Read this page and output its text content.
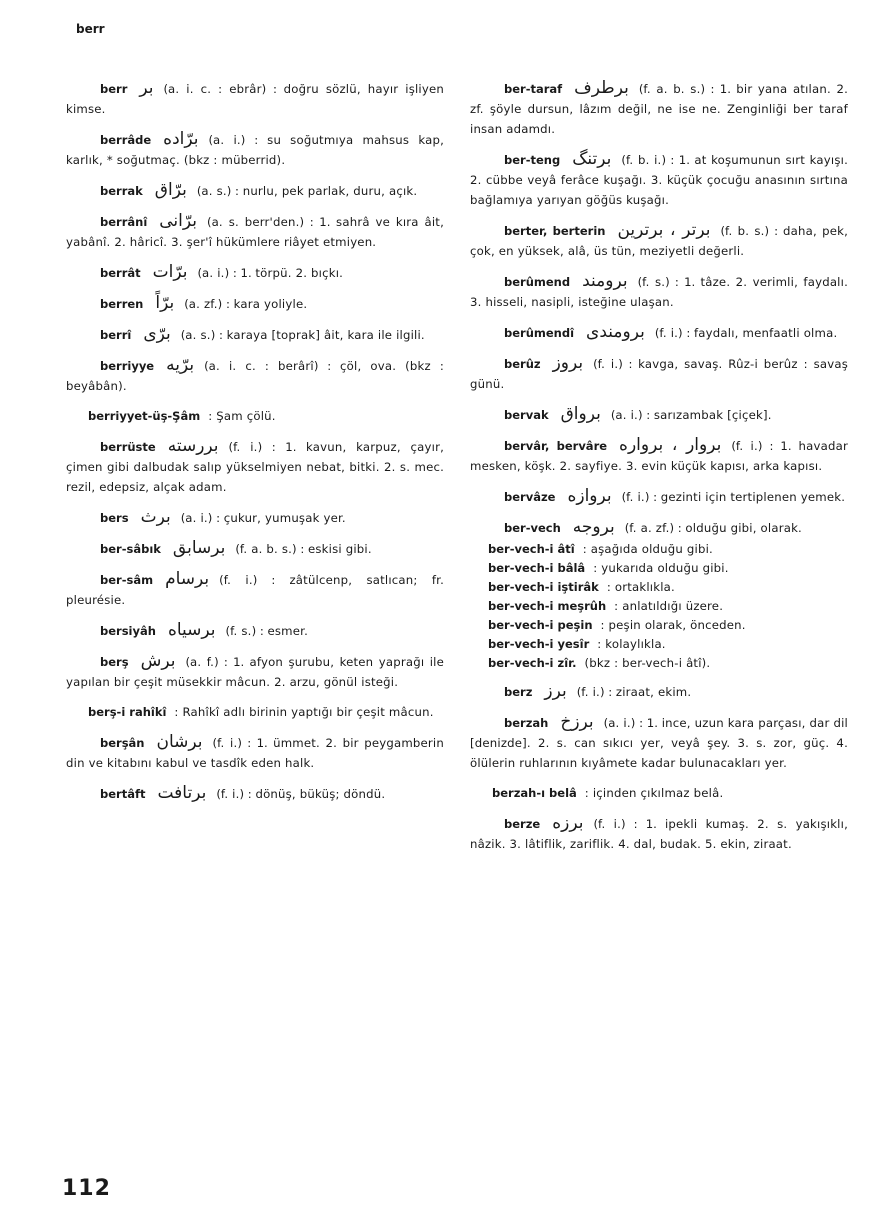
berr
berr بر (a. i. c. : ebrâr) : doğru sözlü, hayır işliyen kimse.
berrâde برّاده (a. i.) : su soğutmıya mahsus kap, karlık, * soğutmaç. (bkz : müberrid).
berrak برّاق (a. s.) : nurlu, pek parlak, duru, açık.
berrânî برّانى (a. s. berr'den.) : 1. sahrâ ve kıra âit, yabânî. 2. hâricî. 3. şer'î hükümlere riâyet etmiyen.
berrât برّات (a. i.) : 1. törpü. 2. bıçkı.
berren برّاً (a. zf.) : kara yoliyle.
berrî برّى (a. s.) : karaya [toprak] âit, kara ile ilgili.
berriyye برّيه (a. i. c. : berârî) : çöl, ova. (bkz : beyâbân).
berriyyet-üş-Şâm : Şam çölü.
berrüste بررسته (f. i.) : 1. kavun, karpuz, çayır, çimen gibi dalbudak salıp yükselmiyen nebat, bitki. 2. s. mec. rezil, edepsiz, alçak adam.
bers برث (a. i.) : çukur, yumuşak yer.
ber-sâbık برسابق (f. a. b. s.) : eskisi gibi.
ber-sâm برسام (f. i.) : zâtülcenp, satlıcan; fr. pleurésie.
bersiyâh برسیاه (f. s.) : esmer.
berş برش (a. f.) : 1. afyon şurubu, keten yaprağı ile yapılan bir çeşit müsekkir mâcun. 2. arzu, gönül isteği.
berş-i rahîkî : Rahîkî adlı birinin yaptığı bir çeşit mâcun.
berşân برشان (f. i.) : 1. ümmet. 2. bir peygamberin din ve kitabını kabul ve tasdîk eden halk.
bertâft برتافت (f. i.) : dönüş, büküş; döndü.
ber-taraf برطرف (f. a. b. s.) : 1. bir yana atılan. 2. zf. şöyle dursun, lâzım değil, ne ise ne. Zenginliği ber taraf insan adamdı.
ber-teng برتنگ (f. b. i.) : 1. at koşumunun sırt kayışı. 2. cübbe veyâ ferâce kuşağı. 3. küçük çocuğu anasının sırtına bağlamıya yarıyan göğüs kuşağı.
berter, berterin برتر ، برترين (f. b. s.) : daha, pek, çok, en yüksek, alâ, üs tün, meziyetli değerli.
berûmend برومند (f. s.) : 1. tâze. 2. verimli, faydalı. 3. hisseli, nasipli, isteğine ulaşan.
berûmendî برومندى (f. i.) : faydalı, menfaatli olma.
berûz بروز (f. i.) : kavga, savaş. Rûz-i berûz : savaş günü.
bervak برواق (a. i.) : sarızambak [çiçek].
bervâr, bervâre بروار ، برواره (f. i.) : 1. havadar mesken, köşk. 2. sayfiye. 3. evin küçük kapısı, arka kapısı.
bervâze بروازه (f. i.) : gezinti için tertiplenen yemek.
ber-vech بروجه (f. a. zf.) : olduğu gibi, olarak.
ber-vech-i âtî : aşağıda olduğu gibi.
ber-vech-i bâlâ : yukarıda olduğu gibi.
ber-vech-i iştirâk : ortaklıkla.
ber-vech-i meşrûh : anlatıldığı üzere.
ber-vech-i peşin : peşin olarak, önceden.
ber-vech-i yesîr : kolaylıkla.
ber-vech-i zîr. (bkz : ber-vech-i âtî).
berz برز (f. i.) : ziraat, ekim.
berzah برزخ (a. i.) : 1. ince, uzun kara parçası, dar dil [denizde]. 2. s. can sıkıcı yer, veyâ şey. 3. s. zor, güç. 4. ölülerin ruhlarının kıyâmete kadar bulunacakları yer.
berzah-ı belâ : içinden çıkılmaz belâ.
berze برزه (f. i.) : 1. ipekli kumaş. 2. s. yakışıklı, nâzik. 3. lâtiflik, zariflik. 4. dal, budak. 5. ekin, ziraat.
112
